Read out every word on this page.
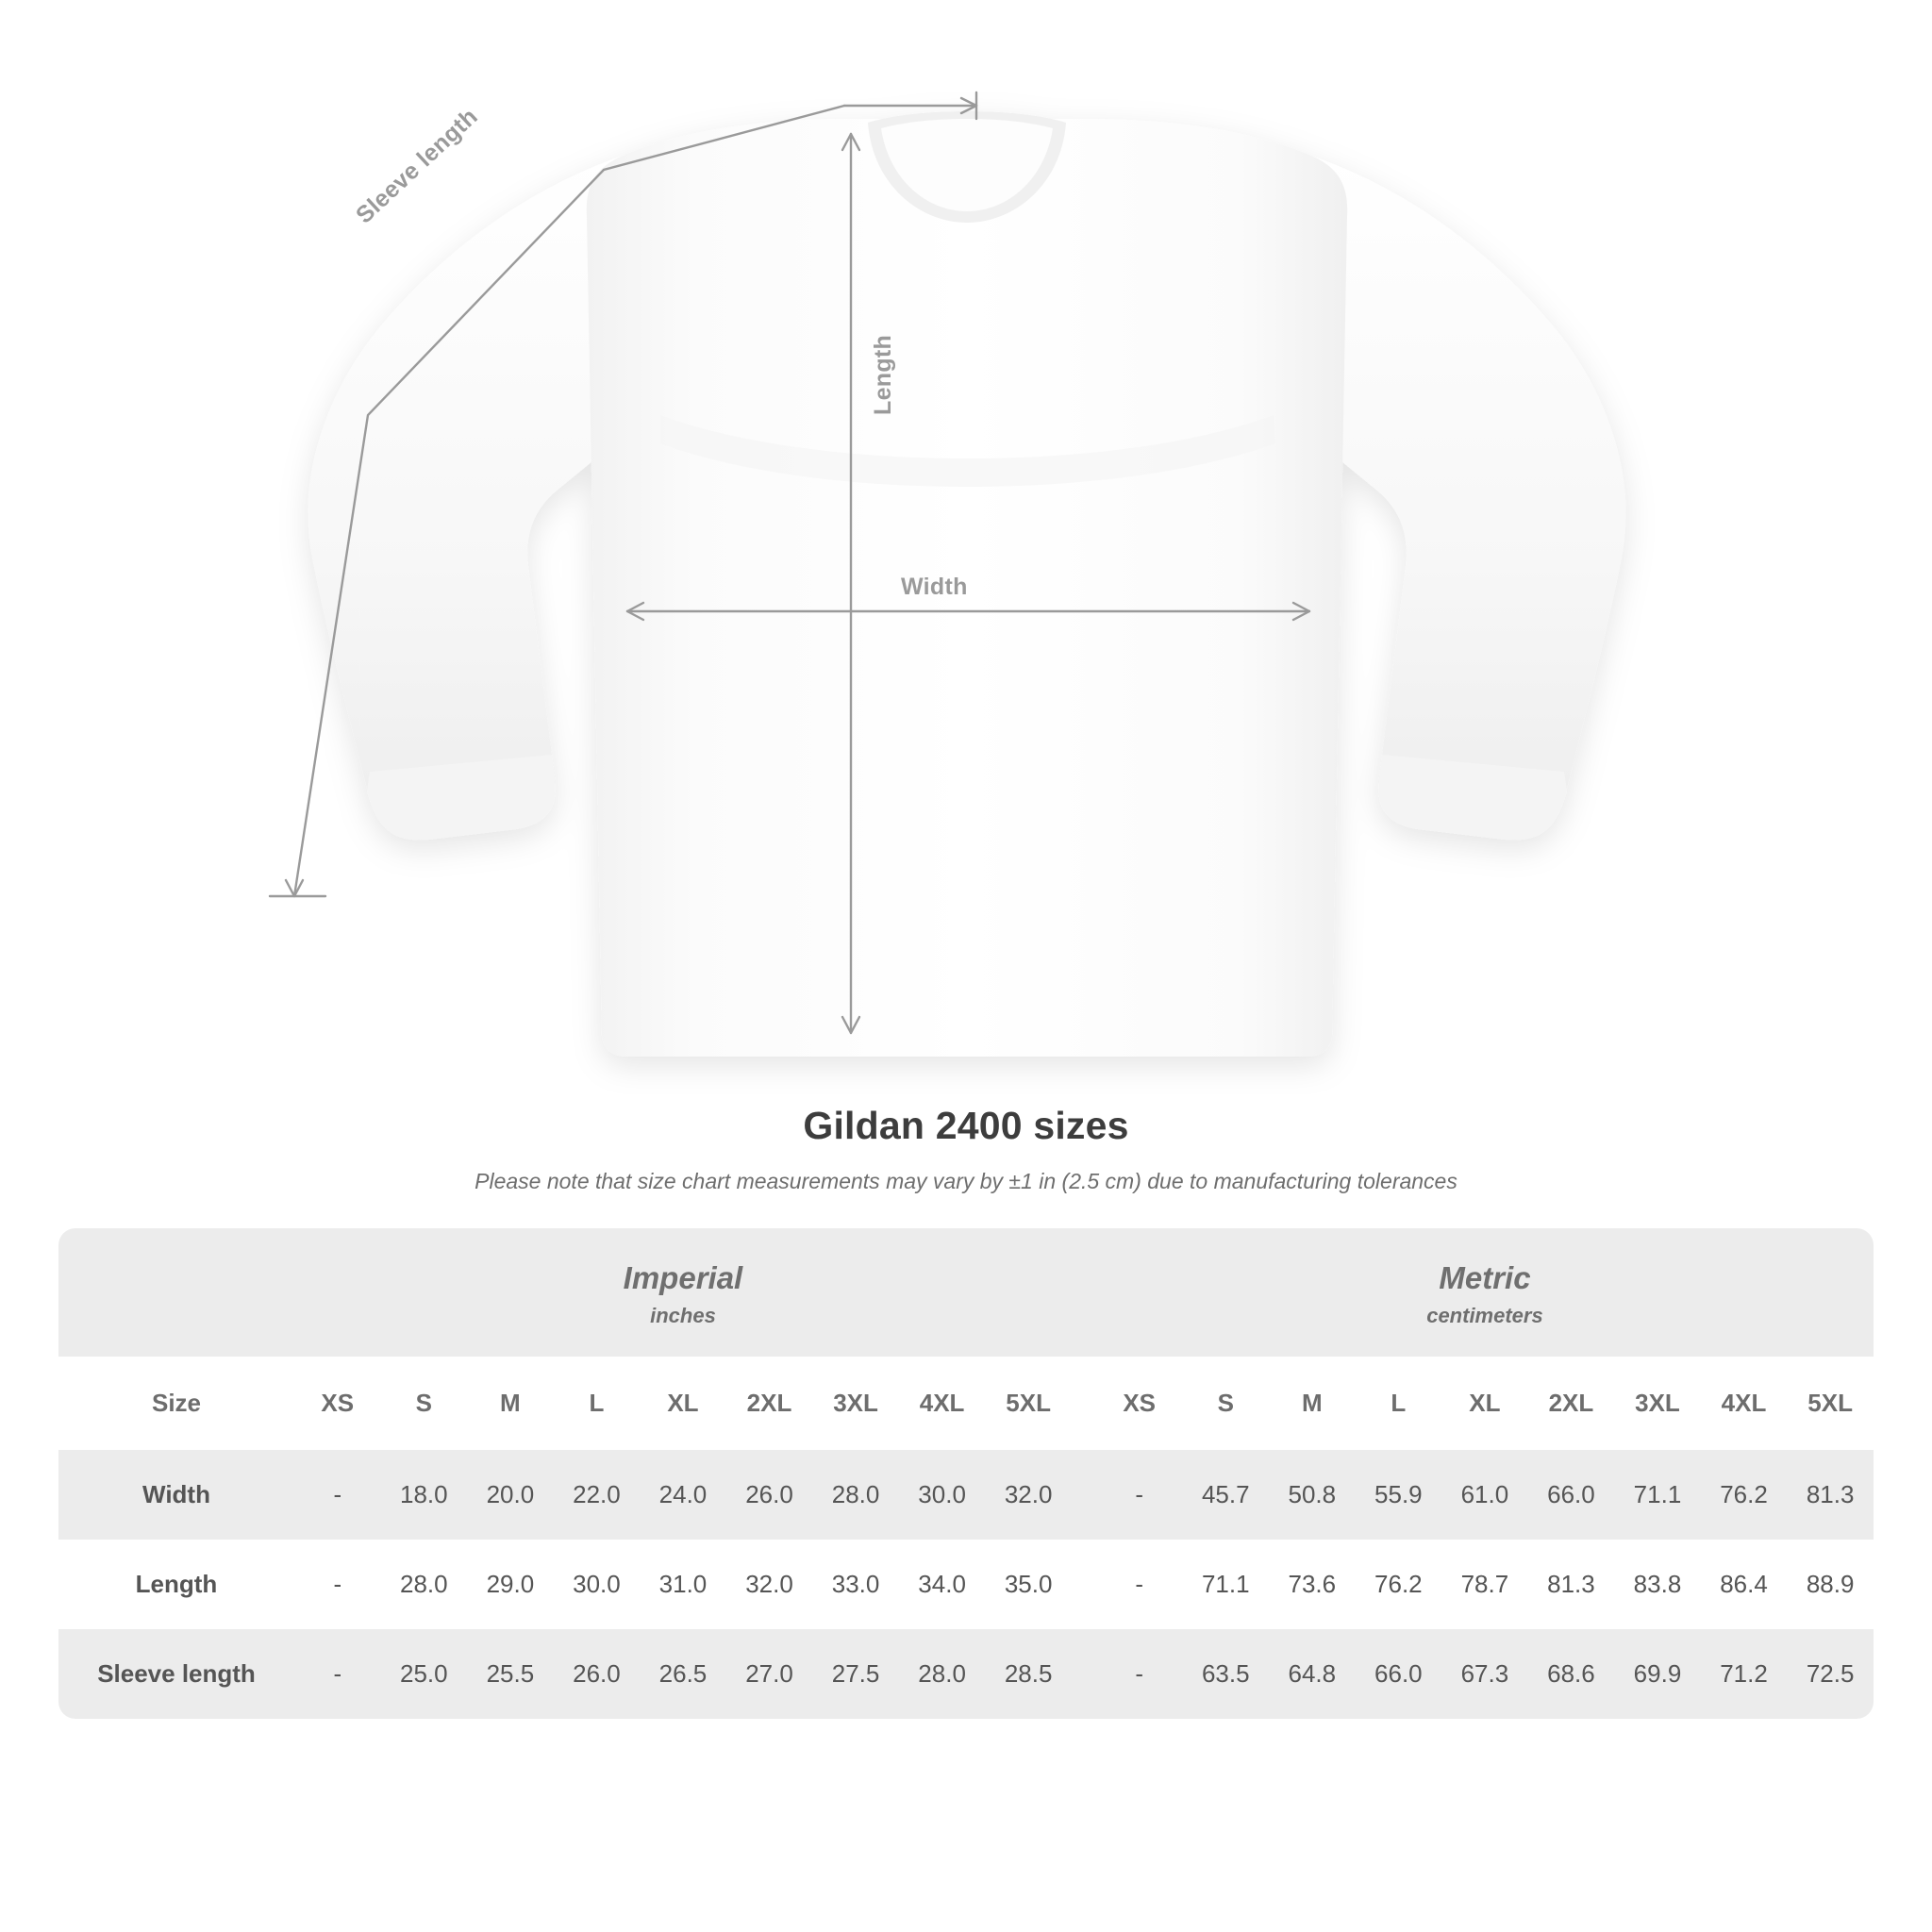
Sleeve length
Length
Width
Gildan 2400 sizes

Please note that size chart measurements may vary by ±1 in (2.5 cm) due to manufacturing tolerances

	Imperial
inches										Metric
centimeters								

Size	XS	S	M	L	XL	2XL	3XL	4XL	5XL		XS	S	M	L	XL	2XL	3XL	4XL	5XL
Width	-	18.0	20.0	22.0	24.0	26.0	28.0	30.0	32.0		-	45.7	50.8	55.9	61.0	66.0	71.1	76.2	81.3
Length	-	28.0	29.0	30.0	31.0	32.0	33.0	34.0	35.0		-	71.1	73.6	76.2	78.7	81.3	83.8	86.4	88.9
Sleeve length	-	25.0	25.5	26.0	26.5	27.0	27.5	28.0	28.5		-	63.5	64.8	66.0	67.3	68.6	69.9	71.2	72.5
